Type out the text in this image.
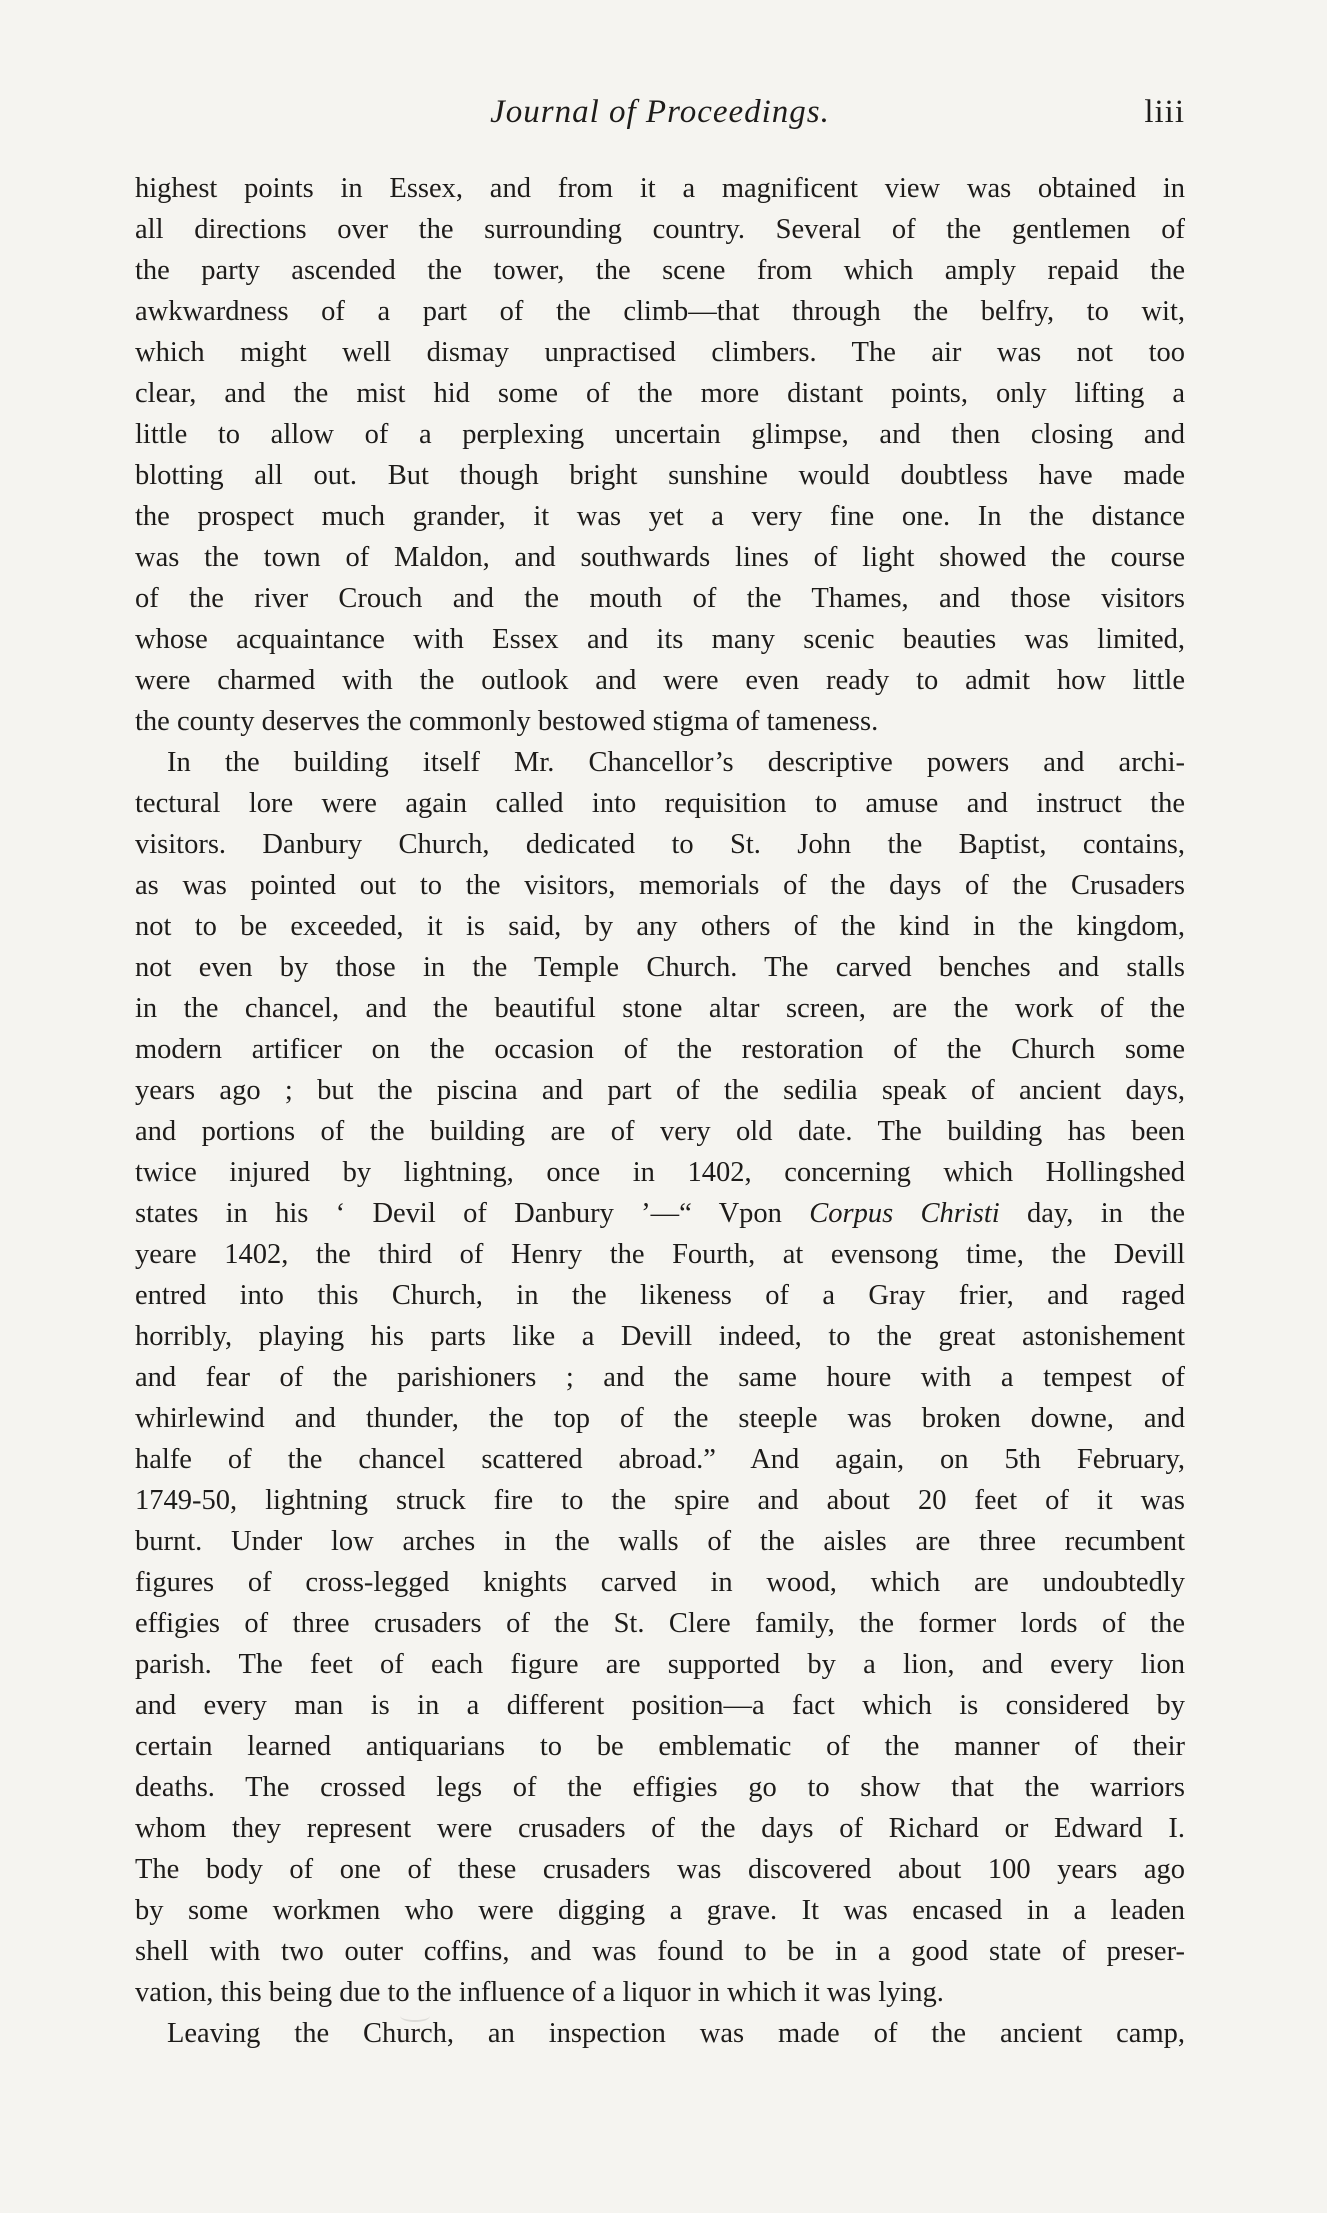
Journal of Proceedings.	liii
highest points in Essex, and from it a magnificent view was obtained in
all directions over the surrounding country. Several of the gentlemen of
the party ascended the tower, the scene from which amply repaid the
awkwardness of a part of the climb—that through the belfry, to wit,
which might well dismay unpractised climbers. The air was not too
clear, and the mist hid some of the more distant points, only lifting a
little to allow of a perplexing uncertain glimpse, and then closing and
blotting all out. But though bright sunshine would doubtless have made
the prospect much grander, it was yet a very fine one. In the distance
was the town of Maldon, and southwards lines of light showed the course
of the river Crouch and the mouth of the Thames, and those visitors
whose acquaintance with Essex and its many scenic beauties was limited,
were charmed with the outlook and were even ready to admit how little
the county deserves the commonly bestowed stigma of tameness.
In the building itself Mr. Chancellor’s descriptive powers and archi-
tectural lore were again called into requisition to amuse and instruct the
visitors. Danbury Church, dedicated to St. John the Baptist, contains,
as was pointed out to the visitors, memorials of the days of the Crusaders
not to be exceeded, it is said, by any others of the kind in the kingdom,
not even by those in the Temple Church. The carved benches and stalls
in the chancel, and the beautiful stone altar screen, are the work of the
modern artificer on the occasion of the restoration of the Church some
years ago ; but the piscina and part of the sedilia speak of ancient days,
and portions of the building are of very old date. The building has been
twice injured by lightning, once in 1402, concerning which Hollingshed
states in his ‘ Devil of Danbury ’—“ Vpon Corpus Christi day, in the
yeare 1402, the third of Henry the Fourth, at evensong time, the Devill
entred into this Church, in the likeness of a Gray frier, and raged
horribly, playing his parts like a Devill indeed, to the great astonishement
and fear of the parishioners ; and the same houre with a tempest of
whirlewind and thunder, the top of the steeple was broken downe, and
halfe of the chancel scattered abroad.” And again, on 5th February,
1749-50, lightning struck fire to the spire and about 20 feet of it was
burnt. Under low arches in the walls of the aisles are three recumbent
figures of cross-legged knights carved in wood, which are undoubtedly
effigies of three crusaders of the St. Clere family, the former lords of the
parish. The feet of each figure are supported by a lion, and every lion
and every man is in a different position—a fact which is considered by
certain learned antiquarians to be emblematic of the manner of their
deaths. The crossed legs of the effigies go to show that the warriors
whom they represent were crusaders of the days of Richard or Edward I.
The body of one of these crusaders was discovered about 100 years ago
by some workmen who were digging a grave. It was encased in a leaden
shell with two outer coffins, and was found to be in a good state of preser-
vation, this being due to the influence of a liquor in which it was lying.
Leaving the Church, an inspection was made of the ancient camp,
